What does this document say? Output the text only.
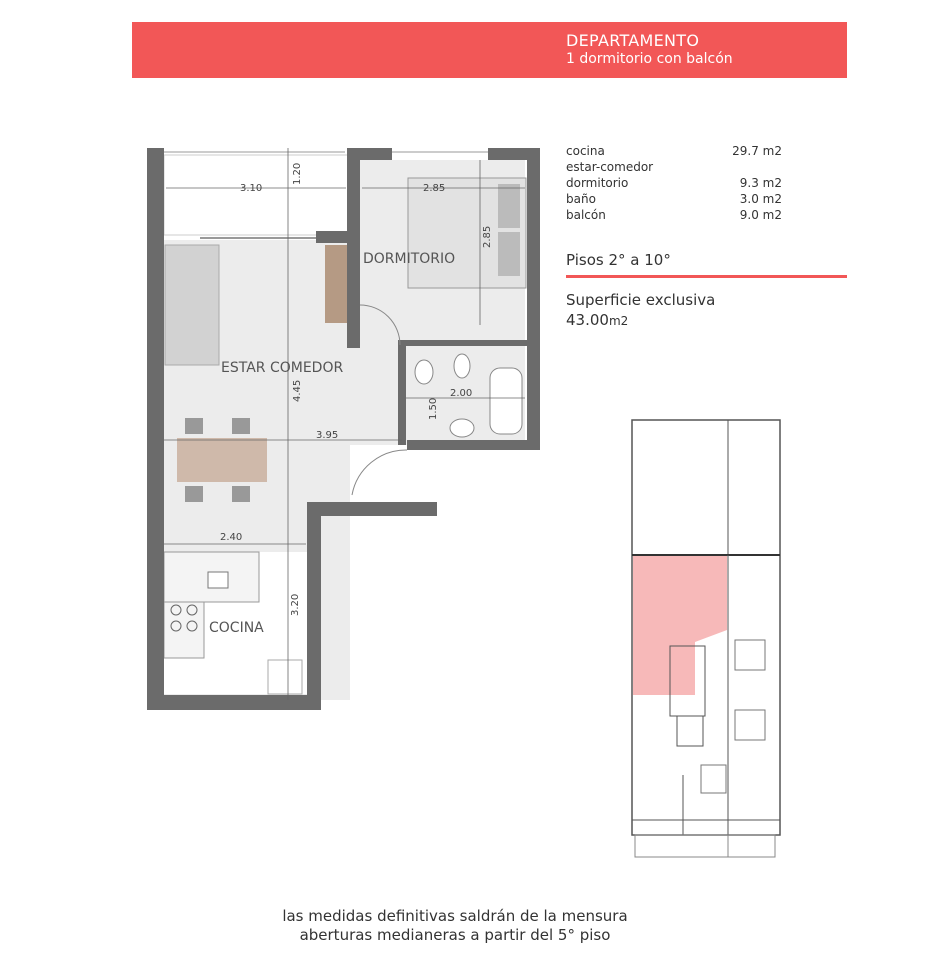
DEPARTAMENTO
1 dormitorio con balcón
cocina	29.7 m2
estar-comedor
dormitorio	9.3 m2
baño	3.0 m2
balcón	9.0 m2
Pisos 2° a 10°
Superficie exclusiva
43.00m2
3.10
1.20
2.85
2.85
4.45	2.00
1.50
3.95
2.40
3.20
DORMITORIO
ESTAR COMEDOR
COCINA
las medidas definitivas saldrán de la mensura
aberturas medianeras a partir del 5° piso
